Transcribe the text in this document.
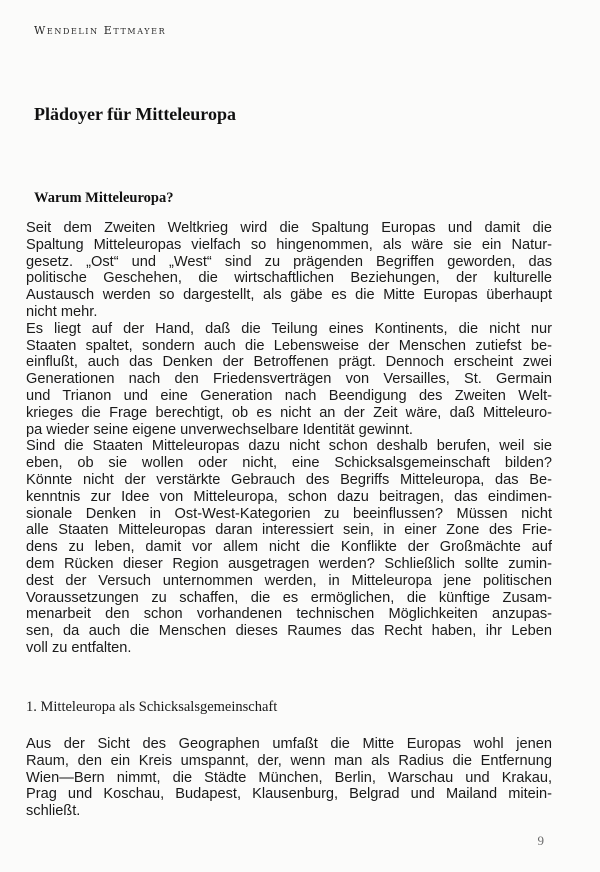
Wendelin Ettmayer
Plädoyer für Mitteleuropa
Warum Mitteleuropa?
Seit dem Zweiten Weltkrieg wird die Spaltung Europas und damit die
Spaltung Mitteleuropas vielfach so hingenommen, als wäre sie ein Natur-
gesetz. „Ost“ und „West“ sind zu prägenden Begriffen geworden, das
politische Geschehen, die wirtschaftlichen Beziehungen, der kulturelle
Austausch werden so dargestellt, als gäbe es die Mitte Europas überhaupt
nicht mehr.
Es liegt auf der Hand, daß die Teilung eines Kontinents, die nicht nur
Staaten spaltet, sondern auch die Lebensweise der Menschen zutiefst be-
einflußt, auch das Denken der Betroffenen prägt. Dennoch erscheint zwei
Generationen nach den Friedensverträgen von Versailles, St. Germain
und Trianon und eine Generation nach Beendigung des Zweiten Welt-
krieges die Frage berechtigt, ob es nicht an der Zeit wäre, daß Mitteleuro-
pa wieder seine eigene unverwechselbare Identität gewinnt.
Sind die Staaten Mitteleuropas dazu nicht schon deshalb berufen, weil sie
eben, ob sie wollen oder nicht, eine Schicksalsgemeinschaft bilden?
Könnte nicht der verstärkte Gebrauch des Begriffs Mitteleuropa, das Be-
kenntnis zur Idee von Mitteleuropa, schon dazu beitragen, das eindimen-
sionale Denken in Ost-West-Kategorien zu beeinflussen? Müssen nicht
alle Staaten Mitteleuropas daran interessiert sein, in einer Zone des Frie-
dens zu leben, damit vor allem nicht die Konflikte der Großmächte auf
dem Rücken dieser Region ausgetragen werden? Schließlich sollte zumin-
dest der Versuch unternommen werden, in Mitteleuropa jene politischen
Voraussetzungen zu schaffen, die es ermöglichen, die künftige Zusam-
menarbeit den schon vorhandenen technischen Möglichkeiten anzupas-
sen, da auch die Menschen dieses Raumes das Recht haben, ihr Leben
voll zu entfalten.
1. Mitteleuropa als Schicksalsgemeinschaft
Aus der Sicht des Geographen umfaßt die Mitte Europas wohl jenen
Raum, den ein Kreis umspannt, der, wenn man als Radius die Entfernung
Wien—Bern nimmt, die Städte München, Berlin, Warschau und Krakau,
Prag und Koschau, Budapest, Klausenburg, Belgrad und Mailand mitein-
schließt.
9
